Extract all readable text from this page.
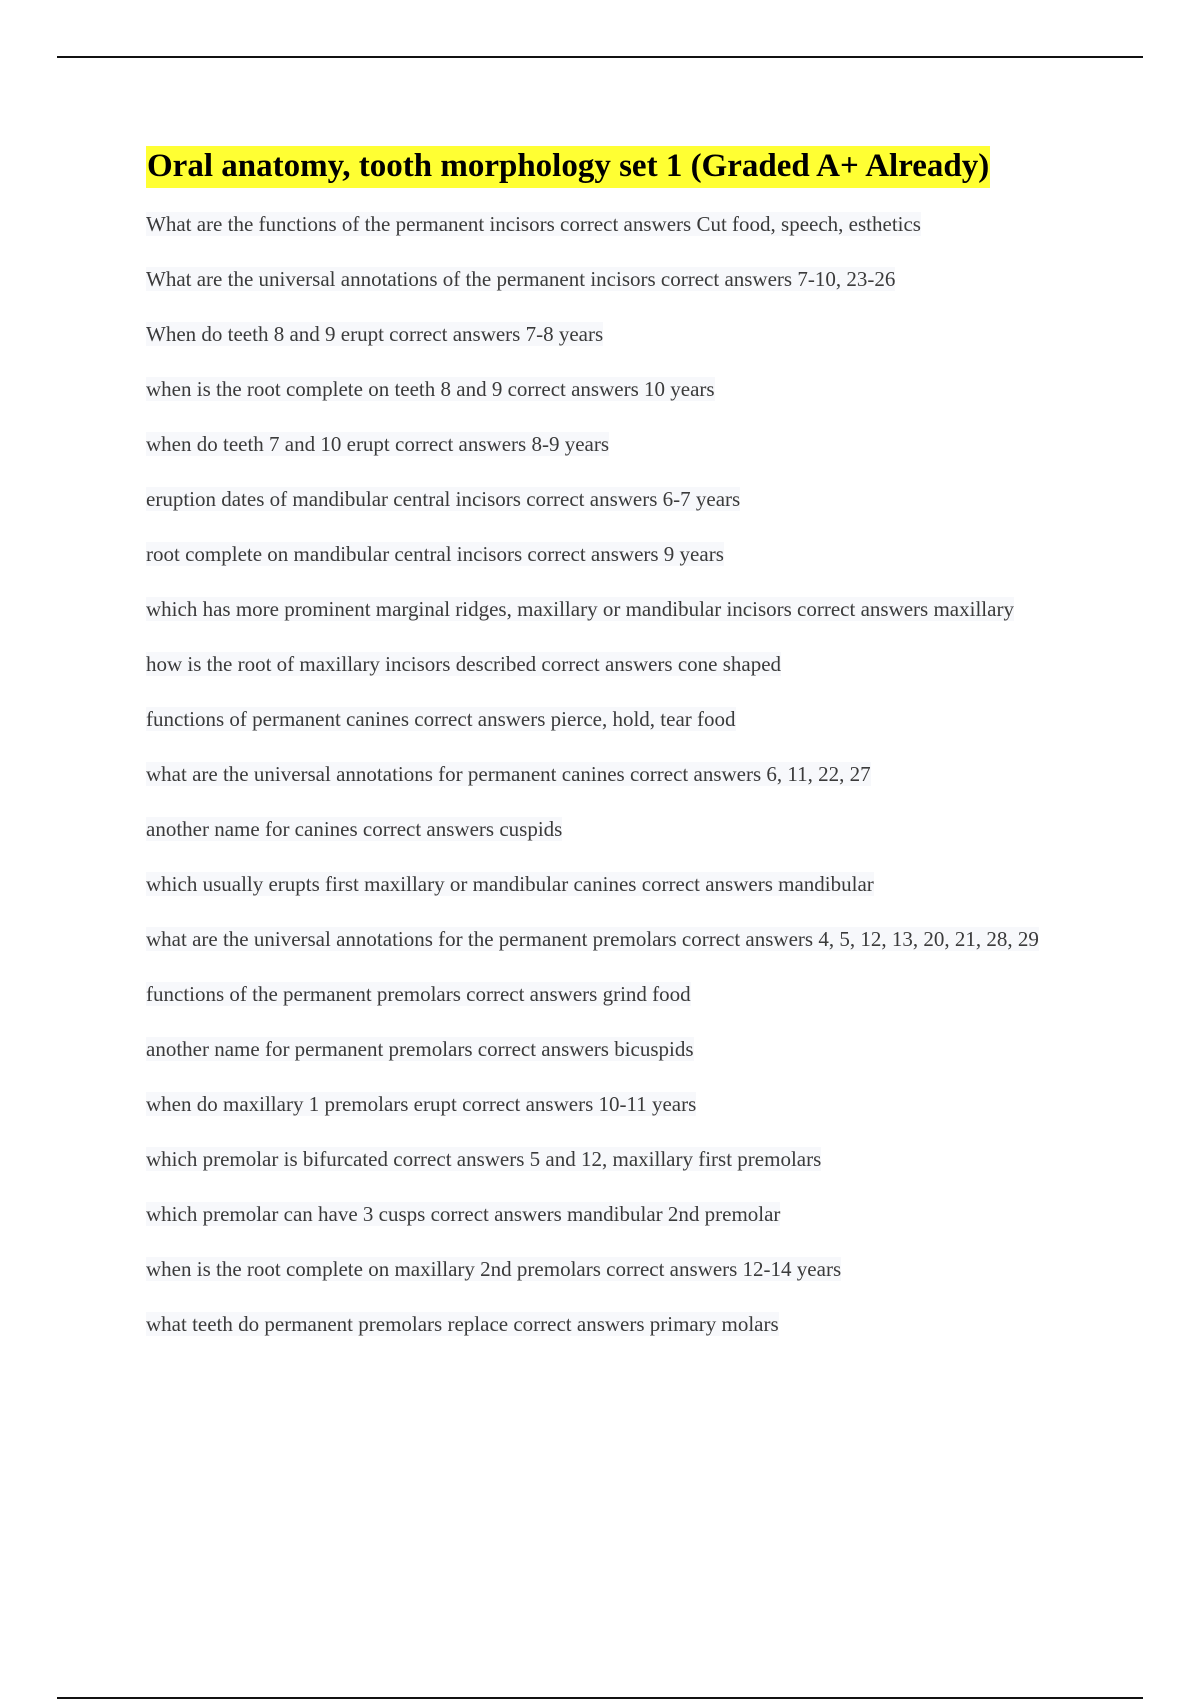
Oral anatomy, tooth morphology set 1 (Graded A+ Already)
What are the functions of the permanent incisors correct answers Cut food, speech, esthetics
What are the universal annotations of the permanent incisors correct answers 7-10, 23-26
When do teeth 8 and 9 erupt correct answers 7-8 years
when is the root complete on teeth 8 and 9 correct answers 10 years
when do teeth 7 and 10 erupt correct answers 8-9 years
eruption dates of mandibular central incisors correct answers 6-7 years
root complete on mandibular central incisors correct answers 9 years
which has more prominent marginal ridges, maxillary or mandibular incisors correct answers maxillary
how is the root of maxillary incisors described correct answers cone shaped
functions of permanent canines correct answers pierce, hold, tear food
what are the universal annotations for permanent canines correct answers 6, 11, 22, 27
another name for canines correct answers cuspids
which usually erupts first maxillary or mandibular canines correct answers mandibular
what are the universal annotations for the permanent premolars correct answers 4, 5, 12, 13, 20, 21, 28, 29
functions of the permanent premolars correct answers grind food
another name for permanent premolars correct answers bicuspids
when do maxillary 1 premolars erupt correct answers 10-11 years
which premolar is bifurcated correct answers 5 and 12, maxillary first premolars
which premolar can have 3 cusps correct answers mandibular 2nd premolar
when is the root complete on maxillary 2nd premolars correct answers 12-14 years
what teeth do permanent premolars replace correct answers primary molars
